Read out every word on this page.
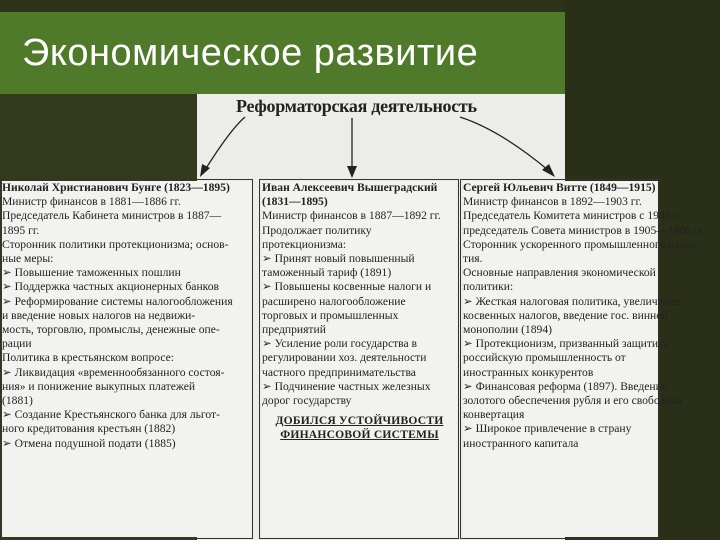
Экономическое развитие
Реформаторская деятельность
Николай Христианович Бунге (1823—1895)
Министр финансов в 1881—1886 гг.
Председатель Кабинета министров в 1887—
1895 гг.
Сторонник политики протекционизма; основ-
ные меры:
➢ Повышение таможенных пошлин
➢ Поддержка частных акционерных банков
➢ Реформирование системы налогообложения
и введение новых налогов на недвижи-
мость, торговлю, промыслы, денежные опе-
рации
Политика в крестьянском вопросе:
➢ Ликвидация «временнообязанного состоя-
ния» и понижение выкупных платежей
(1881)
➢ Создание Крестьянского банка для льгот-
ного кредитования крестьян (1882)
➢ Отмена подушной подати (1885)
Иван Алексеевич Вышеградский
(1831—1895)
Министр финансов в 1887—1892 гг.
Продолжает политику
протекционизма:
➢ Принят новый повышенный
таможенный тариф (1891)
➢ Повышены косвенные налоги и
расширено налогообложение
торговых и промышленных
предприятий
➢ Усиление роли государства в
регулировании хоз. деятельности
частного предпринимательства
➢ Подчинение частных железных
дорог государству
ДОБИЛСЯ УСТОЙЧИВОСТИ
ФИНАНСОВОЙ СИСТЕМЫ
Сергей Юльевич Витте (1849—1915)
Министр финансов в 1892—1903 гг.
Председатель Комитета министров с 1903 г.,
председатель Совета министров в 1905—1906 гг.
Сторонник ускоренного промышленного разви-
тия.
Основные направления экономической
политики:
➢ Жесткая налоговая политика, увеличение
косвенных налогов, введение гос. винной
монополии (1894)
➢ Протекционизм, призванный защитить
российскую промышленность от
иностранных конкурентов
➢ Финансовая реформа (1897). Введение
золотого обеспечения рубля и его свободная
конвертация
➢ Широкое привлечение в страну
иностранного капитала
